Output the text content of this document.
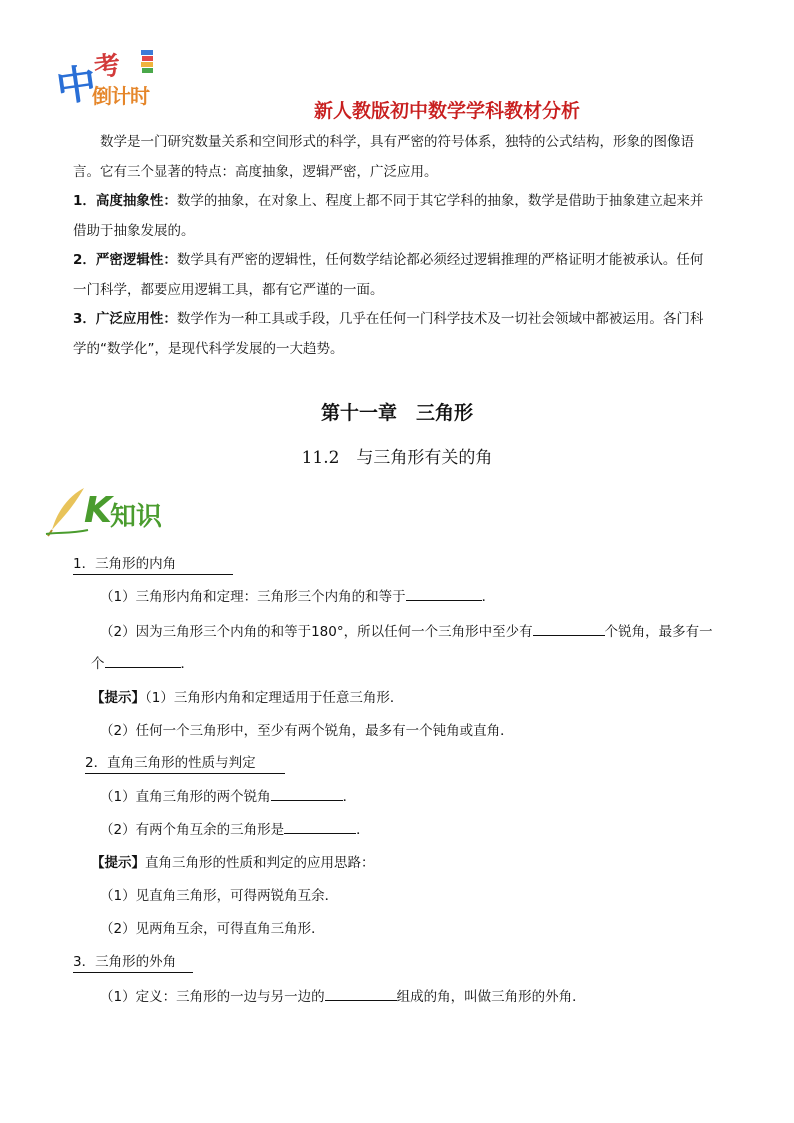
中
考
倒计时
新人教版初中数学学科教材分析
数学是一门研究数量关系和空间形式的科学，具有严密的符号体系，独特的公式结构，形象的图像语
言。它有三个显著的特点：高度抽象，逻辑严密，广泛应用。
1．高度抽象性：数学的抽象，在对象上、程度上都不同于其它学科的抽象，数学是借助于抽象建立起来并
借助于抽象发展的。
2．严密逻辑性：数学具有严密的逻辑性，任何数学结论都必须经过逻辑推理的严格证明才能被承认。任何
一门科学，都要应用逻辑工具，都有它严谨的一面。
3．广泛应用性：数学作为一种工具或手段，几乎在任何一门科学技术及一切社会领域中都被运用。各门科
学的“数学化”，是现代科学发展的一大趋势。
第十一章　三角形
11.2　与三角形有关的角
K
知识
1．三角形的内角
（1）三角形内角和定理：三角形三个内角的和等于	．
（2）因为三角形三个内角的和等于180°，所以任何一个三角形中至少有	个锐角，最多有一
个	．
【提示】（1）三角形内角和定理适用于任意三角形．
（2）任何一个三角形中，至少有两个锐角，最多有一个钝角或直角．
2．直角三角形的性质与判定
（1）直角三角形的两个锐角	．
（2）有两个角互余的三角形是	．
【提示】直角三角形的性质和判定的应用思路：
（1）见直角三角形，可得两锐角互余．
（2）见两角互余，可得直角三角形．
3．三角形的外角
（1）定义：三角形的一边与另一边的	组成的角，叫做三角形的外角．
